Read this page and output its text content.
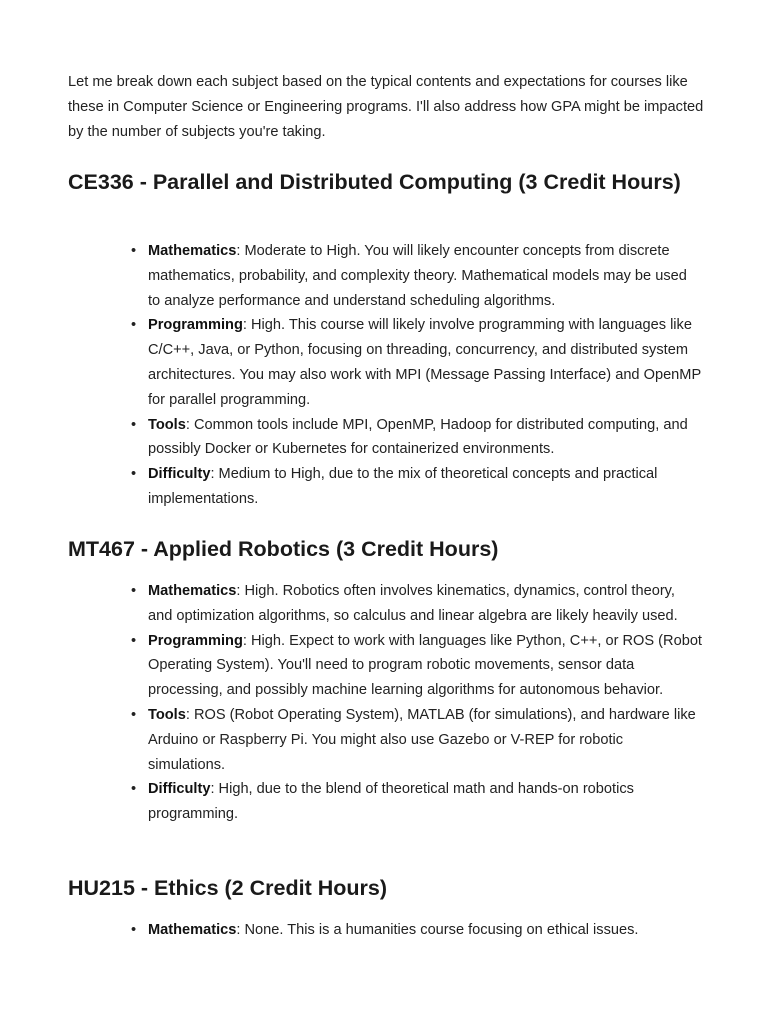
Let me break down each subject based on the typical contents and expectations for courses like these in Computer Science or Engineering programs. I'll also address how GPA might be impacted by the number of subjects you're taking.

CE336 - Parallel and Distributed Computing (3 Credit Hours)
• Mathematics: Moderate to High. You will likely encounter concepts from discrete mathematics, probability, and complexity theory. Mathematical models may be used to analyze performance and understand scheduling algorithms.
• Programming: High. This course will likely involve programming with languages like C/C++, Java, or Python, focusing on threading, concurrency, and distributed system architectures. You may also work with MPI (Message Passing Interface) and OpenMP for parallel programming.
• Tools: Common tools include MPI, OpenMP, Hadoop for distributed computing, and possibly Docker or Kubernetes for containerized environments.
• Difficulty: Medium to High, due to the mix of theoretical concepts and practical implementations.
MT467 - Applied Robotics (3 Credit Hours)
• Mathematics: High. Robotics often involves kinematics, dynamics, control theory, and optimization algorithms, so calculus and linear algebra are likely heavily used.
• Programming: High. Expect to work with languages like Python, C++, or ROS (Robot Operating System). You'll need to program robotic movements, sensor data processing, and possibly machine learning algorithms for autonomous behavior.
• Tools: ROS (Robot Operating System), MATLAB (for simulations), and hardware like Arduino or Raspberry Pi. You might also use Gazebo or V-REP for robotic simulations.
• Difficulty: High, due to the blend of theoretical math and hands-on robotics programming.
HU215 - Ethics (2 Credit Hours)
• Mathematics: None. This is a humanities course focusing on ethical issues.
